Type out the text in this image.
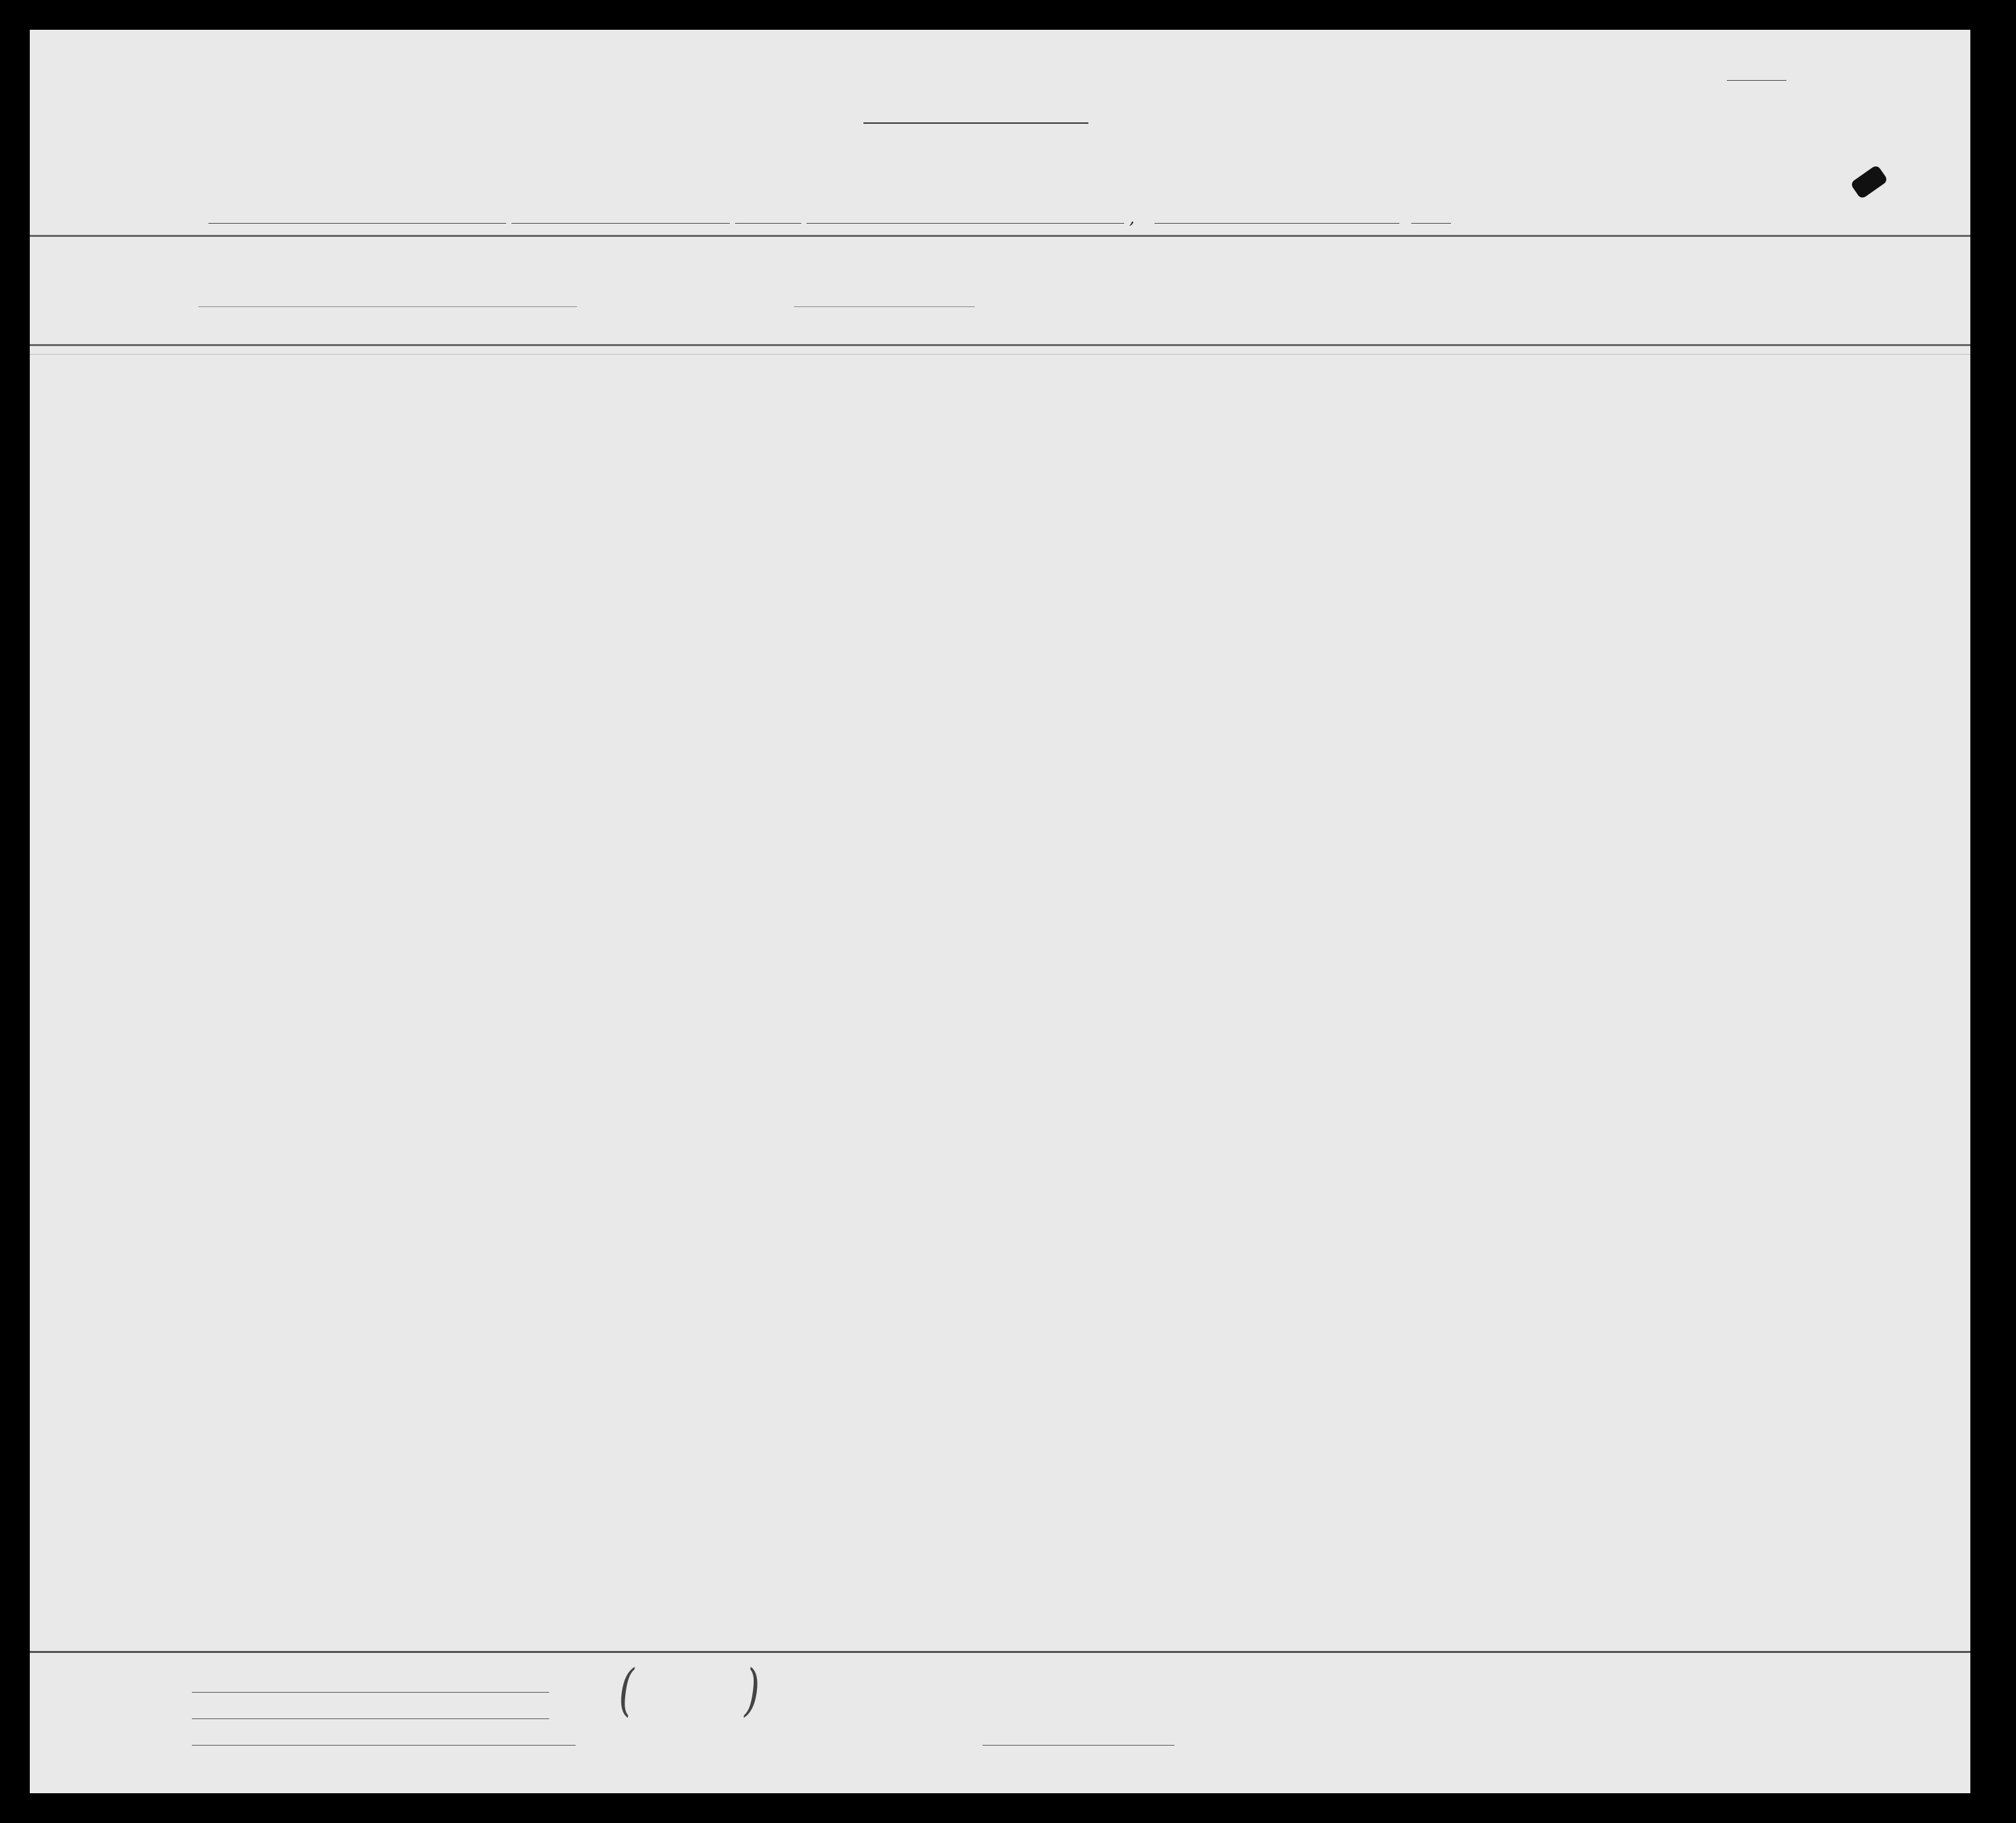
,
(	)
